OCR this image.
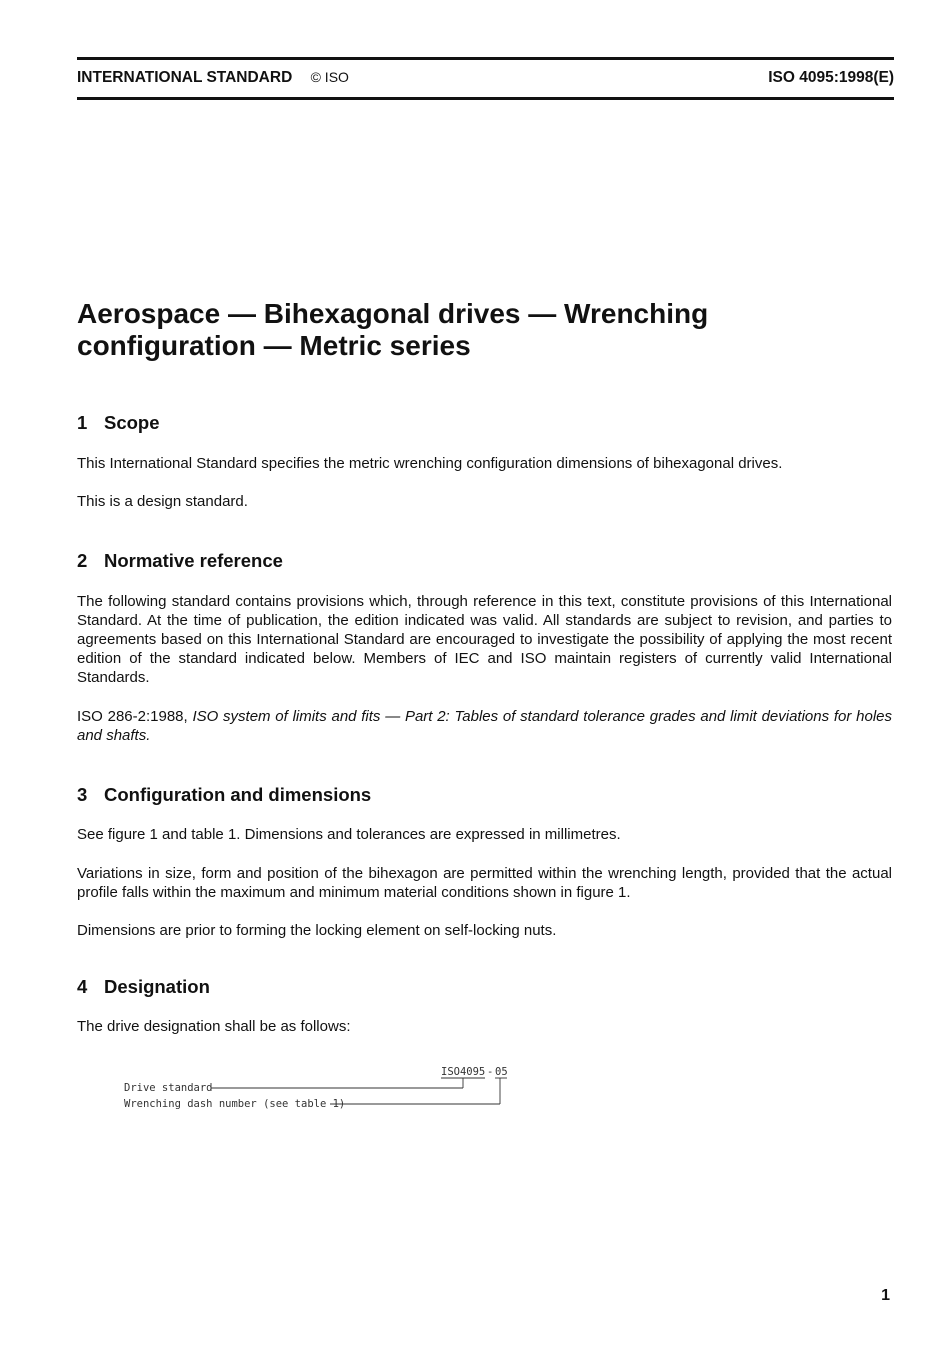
INTERNATIONAL STANDARD © ISO	ISO 4095:1998(E)
Aerospace — Bihexagonal drives — Wrenching configuration — Metric series
1 Scope

This International Standard specifies the metric wrenching configuration dimensions of bihexagonal drives.

This is a design standard.

2 Normative reference

The following standard contains provisions which, through reference in this text, constitute provisions of this International Standard. At the time of publication, the edition indicated was valid. All standards are subject to revision, and parties to agreements based on this International Standard are encouraged to investigate the possibility of applying the most recent edition of the standard indicated below. Members of IEC and ISO maintain registers of currently valid International Standards.

ISO 286-2:1988, ISO system of limits and fits — Part 2: Tables of standard tolerance grades and limit deviations for holes and shafts.

3 Configuration and dimensions

See figure 1 and table 1. Dimensions and tolerances are expressed in millimetres.

Variations in size, form and position of the bihexagon are permitted within the wrenching length, provided that the actual profile falls within the maximum and minimum material conditions shown in figure 1.

Dimensions are prior to forming the locking element on self-locking nuts.

4 Designation

The drive designation shall be as follows:

ISO4095 - 05
Drive standard
Wrenching dash number (see table 1)
1
